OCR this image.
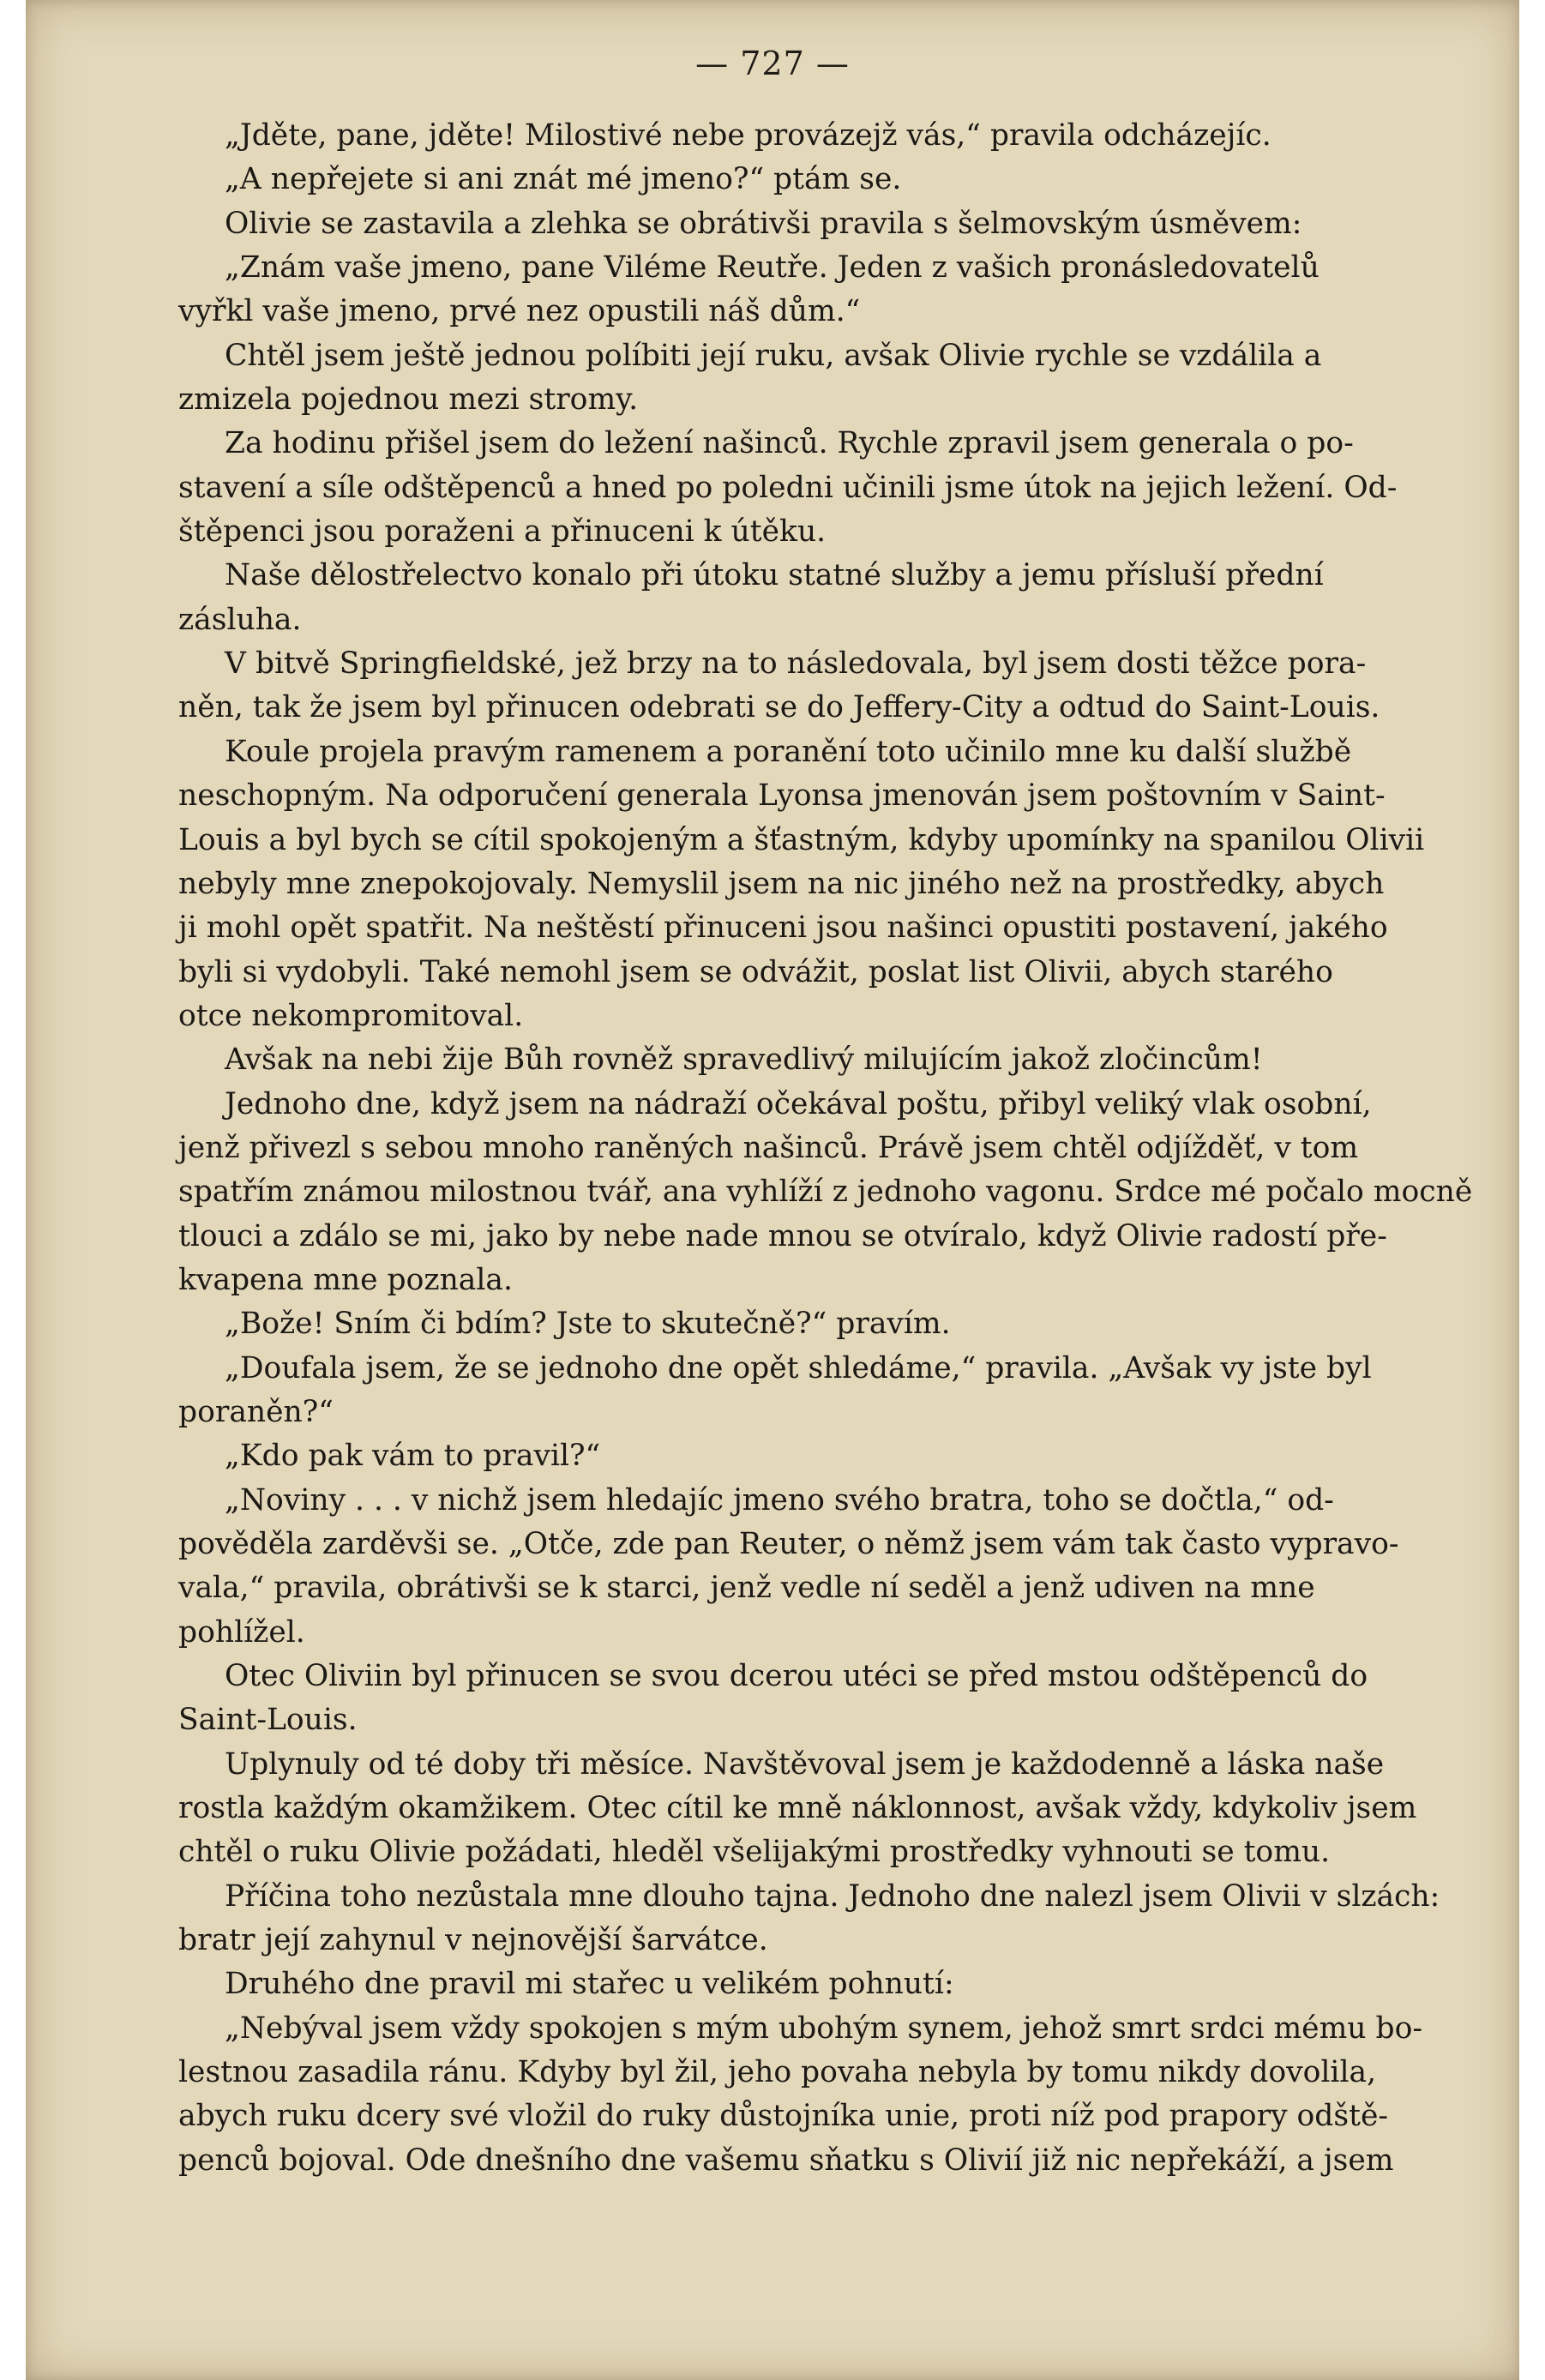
— 727 —

„Jděte, pane, jděte! Milostivé nebe provázejž vás,“ pravila odcházejíc.

„A nepřejete si ani znát mé jmeno?“ ptám se.

Olivie se zastavila a zlehka se obrátivši pravila s šelmovským úsměvem:

„Znám vaše jmeno, pane Viléme Reutře. Jeden z vašich pronásledovatelů
vyřkl vaše jmeno, prvé nez opustili náš dům.“

Chtěl jsem ještě jednou políbiti její ruku, avšak Olivie rychle se vzdálila a
zmizela pojednou mezi stromy.

Za hodinu přišel jsem do ležení našinců. Rychle zpravil jsem generala o po-
stavení a síle odštěpenců a hned po poledni učinili jsme útok na jejich ležení. Od-
štěpenci jsou poraženi a přinuceni k útěku.

Naše dělostřelectvo konalo při útoku statné služby a jemu přísluší přední
zásluha.

V bitvě Springfieldské, jež brzy na to následovala, byl jsem dosti těžce pora-
něn, tak že jsem byl přinucen odebrati se do Jeffery-City a odtud do Saint-Louis.

Koule projela pravým ramenem a poranění toto učinilo mne ku další službě
neschopným. Na odporučení generala Lyonsa jmenován jsem poštovním v Saint-
Louis a byl bych se cítil spokojeným a šťastným, kdyby upomínky na spanilou Olivii
nebyly mne znepokojovaly. Nemyslil jsem na nic jiného než na prostředky, abych
ji mohl opět spatřit. Na neštěstí přinuceni jsou našinci opustiti postavení, jakého
byli si vydobyli. Také nemohl jsem se odvážit, poslat list Olivii, abych starého
otce nekompromitoval.

Avšak na nebi žije Bůh rovněž spravedlivý milujícím jakož zločincům!

Jednoho dne, když jsem na nádraží očekával poštu, přibyl veliký vlak osobní,
jenž přivezl s sebou mnoho raněných našinců. Právě jsem chtěl odjížděť, v tom
spatřím známou milostnou tvář, ana vyhlíží z jednoho vagonu. Srdce mé počalo mocně
tlouci a zdálo se mi, jako by nebe nade mnou se otvíralo, když Olivie radostí pře-
kvapena mne poznala.

„Bože! Sním či bdím? Jste to skutečně?“ pravím.

„Doufala jsem, že se jednoho dne opět shledáme,“ pravila. „Avšak vy jste byl
poraněn?“

„Kdo pak vám to pravil?“

„Noviny . . . v nichž jsem hledajíc jmeno svého bratra, toho se dočtla,“ od-
pověděla zarděvši se. „Otče, zde pan Reuter, o němž jsem vám tak často vypravo-
vala,“ pravila, obrátivši se k starci, jenž vedle ní seděl a jenž udiven na mne
pohlížel.

Otec Oliviin byl přinucen se svou dcerou utéci se před mstou odštěpenců do
Saint-Louis.

Uplynuly od té doby tři měsíce. Navštěvoval jsem je každodenně a láska naše
rostla každým okamžikem. Otec cítil ke mně náklonnost, avšak vždy, kdykoliv jsem
chtěl o ruku Olivie požádati, hleděl všelijakými prostředky vyhnouti se tomu.

Příčina toho nezůstala mne dlouho tajna. Jednoho dne nalezl jsem Olivii v slzách:
bratr její zahynul v nejnovější šarvátce.

Druhého dne pravil mi stařec u velikém pohnutí:

„Nebýval jsem vždy spokojen s mým ubohým synem, jehož smrt srdci mému bo-
lestnou zasadila ránu. Kdyby byl žil, jeho povaha nebyla by tomu nikdy dovolila,
abych ruku dcery své vložil do ruky důstojníka unie, proti níž pod prapory odště-
penců bojoval. Ode dnešního dne vašemu sňatku s Olivií již nic nepřekáží, a jsem
